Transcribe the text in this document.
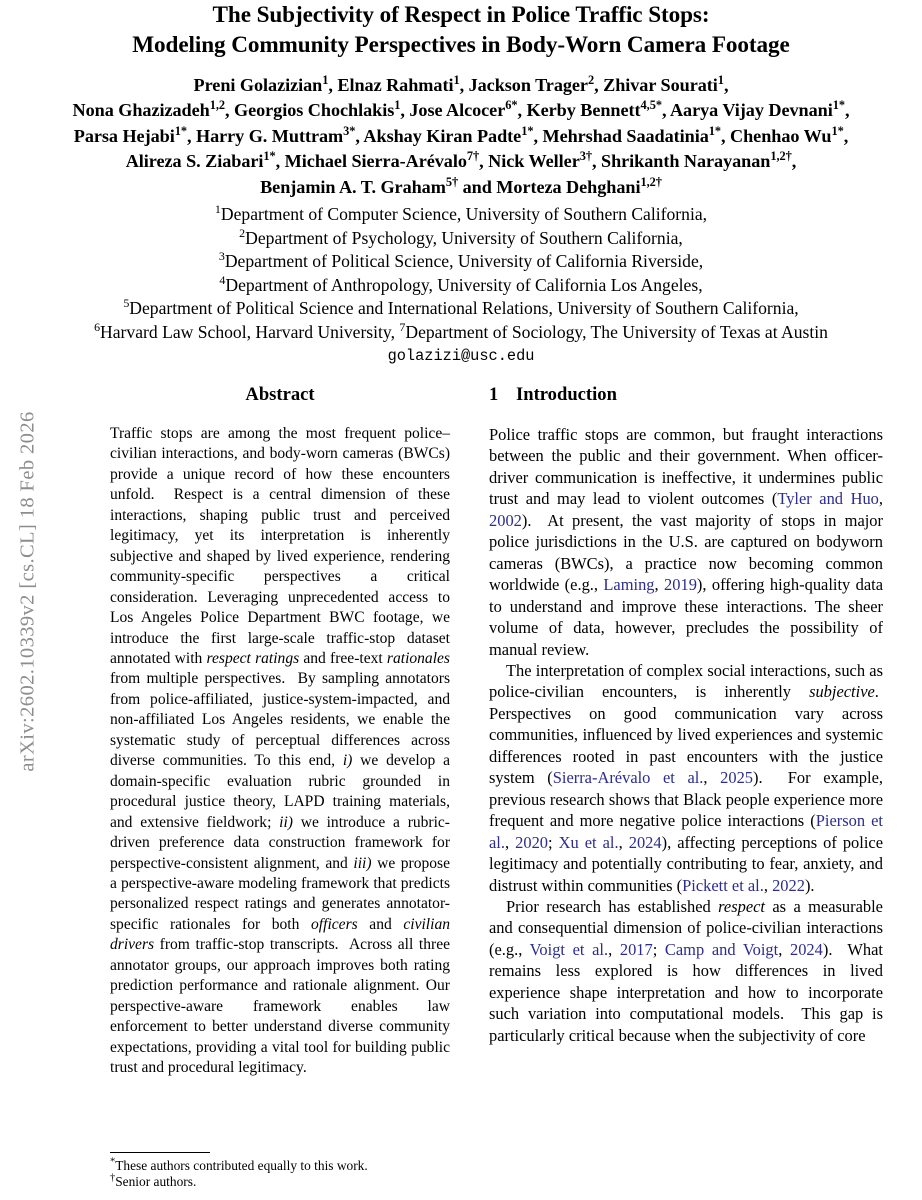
arXiv:2602.10339v2 [cs.CL] 18 Feb 2026
The Subjectivity of Respect in Police Traffic Stops:
Modeling Community Perspectives in Body-Worn Camera Footage
Preni Golazizian$^1$, Elnaz Rahmati$^1$, Jackson Trager$^2$, Zhivar Sourati$^1$,
Nona Ghazizadeh$^{1,2}$, Georgios Chochlakis$^1$, Jose Alcocer$^{6*}$, Kerby Bennett$^{4,5*}$, Aarya Vijay Devnani$^{1*}$,
Parsa Hejabi$^{1*}$, Harry G. Muttram$^{3*}$, Akshay Kiran Padte$^{1*}$, Mehrshad Saadatinia$^{1*}$, Chenhao $Wu^{1*}$,
Alireza S. Ziabari$^{1*}$, Michael Sierra-Arévalo$^{7\dagger}$, Nick Weller$^{3\dagger}$, Shrikanth Narayanan$^{1,2\dagger}$,
Benjamin A. T. Graham$^{5\dagger}$ and Morteza Dehghani$^{1,2\dagger}$
$^1$Department of Computer Science, University of Southern California,
$^2$Department of Psychology, University of Southern California,
$^3$Department of Political Science, University of California Riverside,
$^4$Department of Anthropology, University of California Los Angeles,
$^5$Department of Political Science and International Relations, University of Southern California,
$^6$Harvard Law School, Harvard University, $^7$Department of Sociology, The University of Texas at Austin
golazizi@usc.edu
Abstract

Traffic stops are among the most frequent police–civilian interactions, and body-worn cameras (BWCs) provide a unique record of how these encounters unfold.  Respect is a central dimension of these interactions, shaping public trust and perceived legitimacy, yet its interpretation is inherently subjective and shaped by lived experience, rendering community-specific perspectives a critical consideration. Leveraging unprecedented access to Los Angeles Police Department BWC footage, we introduce the first large-scale traffic-stop dataset annotated with respect ratings and free-text rationales from multiple perspectives.  By sampling annotators from police-affiliated, justice-system-impacted, and non-affiliated Los Angeles residents, we enable the systematic study of perceptual differences across diverse communities. To this end, i) we develop a domain-specific evaluation rubric grounded in procedural justice theory, LAPD training materials, and extensive fieldwork; ii) we introduce a rubric-driven preference data construction framework for perspective-consistent alignment, and iii) we propose a perspective-aware modeling framework that predicts personalized respect ratings and generates annotator-specific rationales for both officers and civilian drivers from traffic-stop transcripts.  Across all three annotator groups, our approach improves both rating prediction performance and rationale alignment. Our perspective-aware framework enables law enforcement to better understand diverse community expectations, providing a vital tool for building public trust and procedural legitimacy.

1 Introduction

Police traffic stops are common, but fraught interactions between the public and their government. When officer-driver communication is ineffective, it undermines public trust and may lead to violent outcomes (Tyler and Huo, 2002).  At present, the vast majority of stops in major police jurisdictions in the U.S. are captured on bodyworn cameras (BWCs), a practice now becoming common worldwide (e.g., Laming, 2019), offering high-quality data to understand and improve these interactions. The sheer volume of data, however, precludes the possibility of manual review.

The interpretation of complex social interactions, such as police-civilian encounters, is inherently subjective.  Perspectives on good communication vary across communities, influenced by lived experiences and systemic differences rooted in past encounters with the justice system (Sierra-Arévalo et al., 2025).  For example, previous research shows that Black people experience more frequent and more negative police interactions (Pierson et al., 2020; Xu et al., 2024), affecting perceptions of police legitimacy and potentially contributing to fear, anxiety, and distrust within communities (Pickett et al., 2022).

Prior research has established respect as a measurable and consequential dimension of police-civilian interactions (e.g., Voigt et al., 2017; Camp and Voigt, 2024).  What remains less explored is how differences in lived experience shape interpretation and how to incorporate such variation into computational models.  This gap is particularly critical because when the subjectivity of core

*These authors contributed equally to this work.

†Senior authors.
